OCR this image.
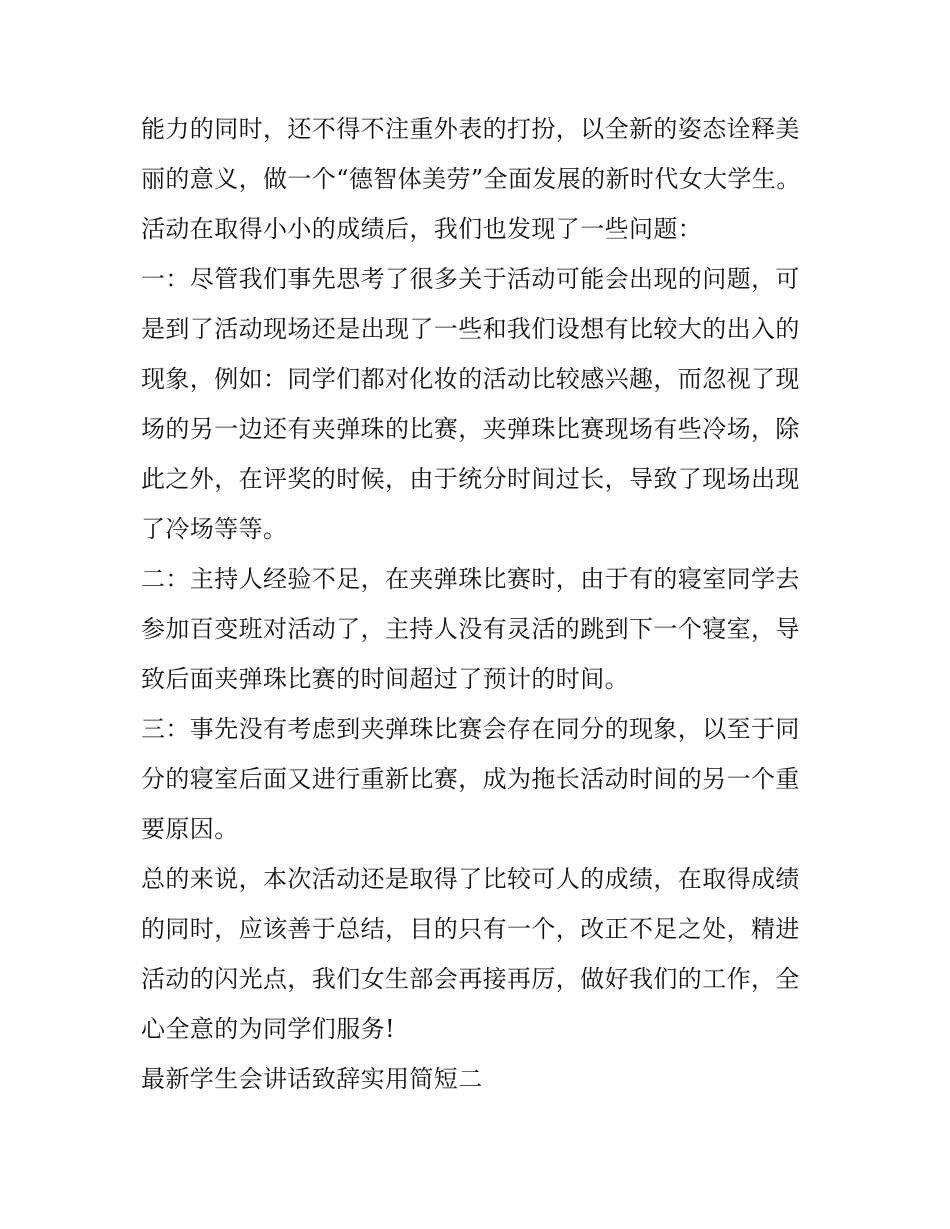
能力的同时，还不得不注重外表的打扮，以全新的姿态诠释美
丽的意义，做一个“德智体美劳”全面发展的新时代女大学生。
活动在取得小小的成绩后，我们也发现了一些问题：
一：尽管我们事先思考了很多关于活动可能会出现的问题，可
是到了活动现场还是出现了一些和我们设想有比较大的出入的
现象，例如：同学们都对化妆的活动比较感兴趣，而忽视了现
场的另一边还有夹弹珠的比赛，夹弹珠比赛现场有些冷场，除
此之外，在评奖的时候，由于统分时间过长，导致了现场出现
了冷场等等。
二：主持人经验不足，在夹弹珠比赛时，由于有的寝室同学去
参加百变班对活动了，主持人没有灵活的跳到下一个寝室，导
致后面夹弹珠比赛的时间超过了预计的时间。
三：事先没有考虑到夹弹珠比赛会存在同分的现象，以至于同
分的寝室后面又进行重新比赛，成为拖长活动时间的另一个重
要原因。
总的来说，本次活动还是取得了比较可人的成绩，在取得成绩
的同时，应该善于总结，目的只有一个，改正不足之处，精进
活动的闪光点，我们女生部会再接再厉，做好我们的工作，全
心全意的为同学们服务!
最新学生会讲话致辞实用简短二
